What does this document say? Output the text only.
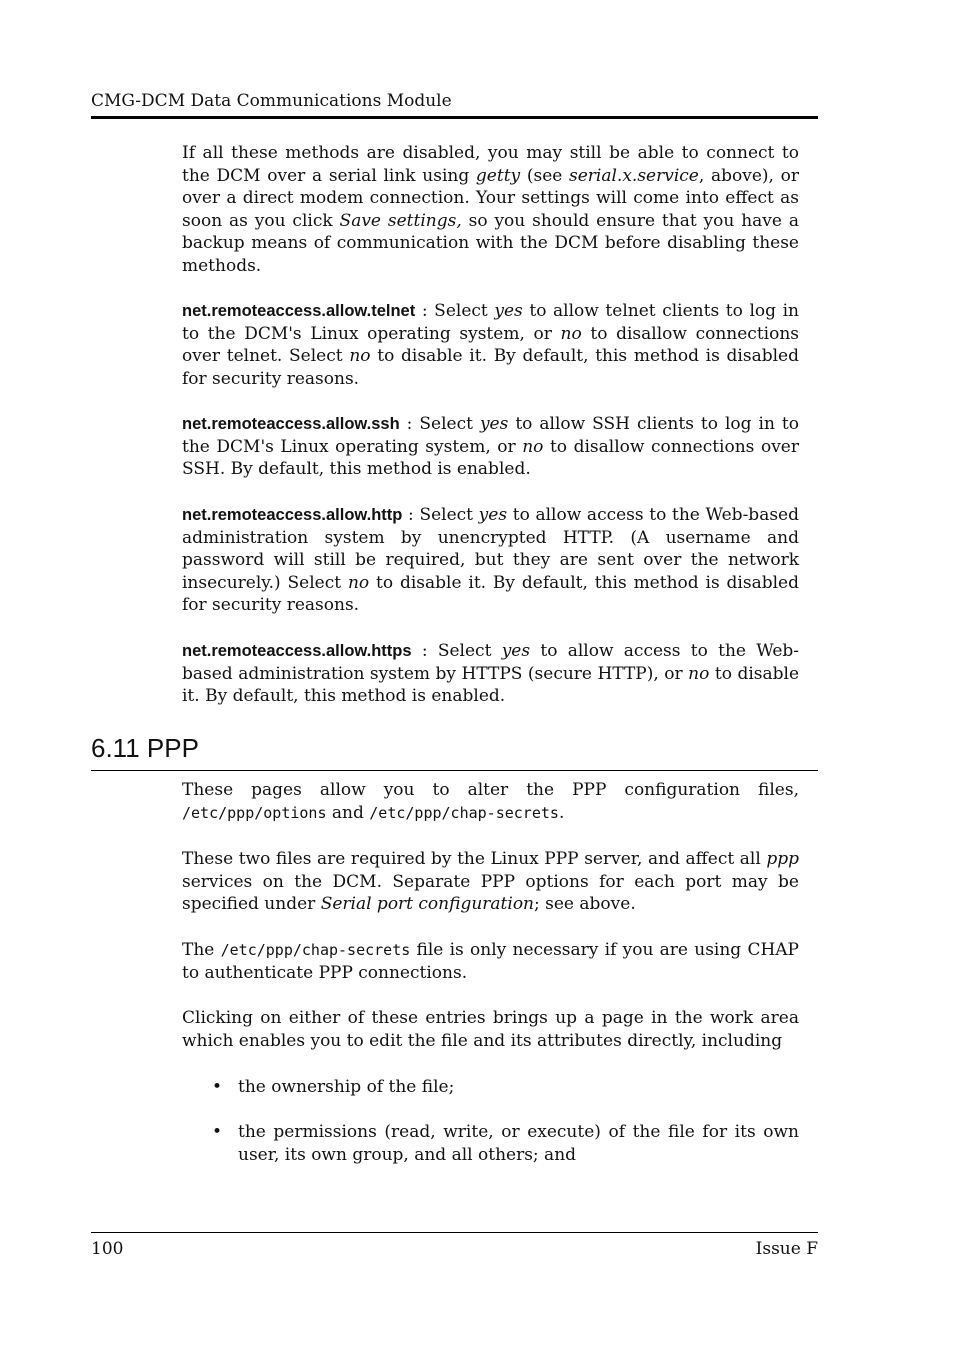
CMG-DCM Data Communications Module

If all these methods are disabled, you may still be able to connect to the DCM over a serial link using getty (see serial.x.service, above), or over a direct modem connection. Your settings will come into effect as soon as you click Save settings, so you should ensure that you have a backup means of communication with the DCM before disabling these methods.

net.remoteaccess.allow.telnet : Select yes to allow telnet clients to log in to the DCM's Linux operating system, or no to disallow connections over telnet. Select no to disable it. By default, this method is disabled for security reasons.

net.remoteaccess.allow.ssh : Select yes to allow SSH clients to log in to the DCM's Linux operating system, or no to disallow connections over SSH. By default, this method is enabled.

net.remoteaccess.allow.http : Select yes to allow access to the Web-based administration system by unencrypted HTTP. (A username and password will still be required, but they are sent over the network insecurely.) Select no to disable it. By default, this method is disabled for security reasons.

net.remoteaccess.allow.https : Select yes to allow access to the Web-based administration system by HTTPS (secure HTTP), or no to disable it. By default, this method is enabled.

6.11 PPP

These pages allow you to alter the PPP configuration files, /etc/ppp/options and /etc/ppp/chap-secrets.

These two files are required by the Linux PPP server, and affect all ppp services on the DCM. Separate PPP options for each port may be specified under Serial port configuration; see above.

The /etc/ppp/chap-secrets file is only necessary if you are using CHAP to authenticate PPP connections.

Clicking on either of these entries brings up a page in the work area which enables you to edit the file and its attributes directly, including

• the ownership of the file;
• the permissions (read, write, or execute) of the file for its own user, its own group, and all others; and
100	Issue F
